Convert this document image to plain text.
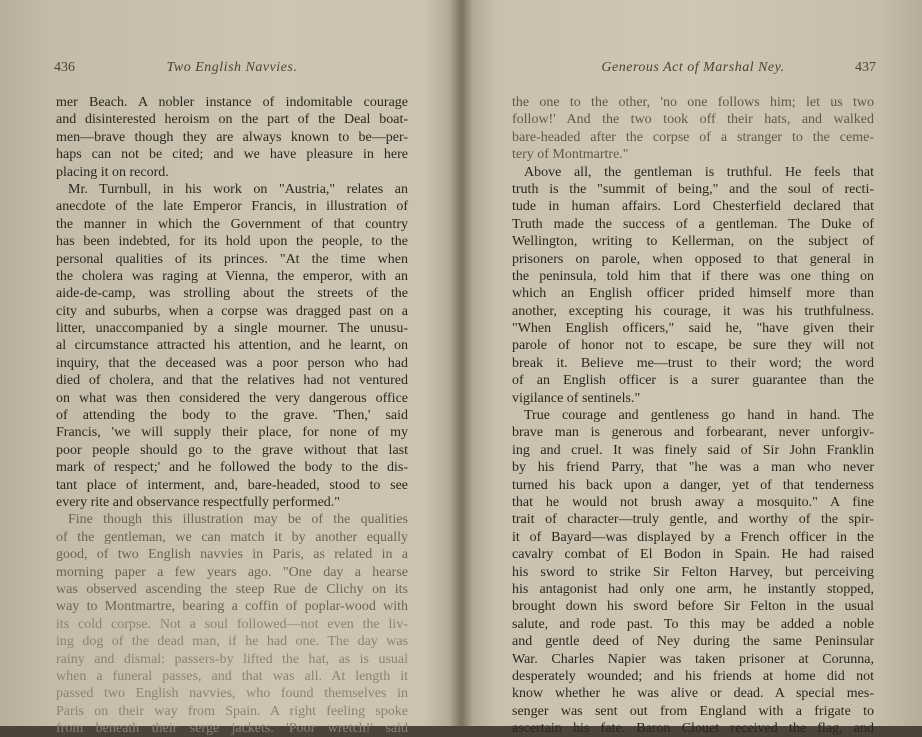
436	Two English Navvies.
mer Beach. A nobler instance of indomitable courage
and disinterested heroism on the part of the Deal boat-
men—brave though they are always known to be—per-
haps can not be cited; and we have pleasure in here
placing it on record.
Mr. Turnbull, in his work on "Austria," relates an
anecdote of the late Emperor Francis, in illustration of
the manner in which the Government of that country
has been indebted, for its hold upon the people, to the
personal qualities of its princes. "At the time when
the cholera was raging at Vienna, the emperor, with an
aide-de-camp, was strolling about the streets of the
city and suburbs, when a corpse was dragged past on a
litter, unaccompanied by a single mourner. The unusu-
al circumstance attracted his attention, and he learnt, on
inquiry, that the deceased was a poor person who had
died of cholera, and that the relatives had not ventured
on what was then considered the very dangerous office
of attending the body to the grave. 'Then,' said
Francis, 'we will supply their place, for none of my
poor people should go to the grave without that last
mark of respect;' and he followed the body to the dis-
tant place of interment, and, bare-headed, stood to see
every rite and observance respectfully performed."
Fine though this illustration may be of the qualities
of the gentleman, we can match it by another equally
good, of two English navvies in Paris, as related in a
morning paper a few years ago. "One day a hearse
was observed ascending the steep Rue de Clichy on its
way to Montmartre, bearing a coffin of poplar-wood with
its cold corpse. Not a soul followed—not even the liv-
ing dog of the dead man, if he had one. The day was
rainy and dismal: passers-by lifted the hat, as is usual
when a funeral passes, and that was all. At length it
passed two English navvies, who found themselves in
Paris on their way from Spain. A right feeling spoke
from beneath their serge jackets. 'Poor wretch!' said
Generous Act of Marshal Ney.	437
the one to the other, 'no one follows him; let us two
follow!' And the two took off their hats, and walked
bare-headed after the corpse of a stranger to the ceme-
tery of Montmartre."
Above all, the gentleman is truthful. He feels that
truth is the "summit of being," and the soul of recti-
tude in human affairs. Lord Chesterfield declared that
Truth made the success of a gentleman. The Duke of
Wellington, writing to Kellerman, on the subject of
prisoners on parole, when opposed to that general in
the peninsula, told him that if there was one thing on
which an English officer prided himself more than
another, excepting his courage, it was his truthfulness.
"When English officers," said he, "have given their
parole of honor not to escape, be sure they will not
break it. Believe me—trust to their word; the word
of an English officer is a surer guarantee than the
vigilance of sentinels."
True courage and gentleness go hand in hand. The
brave man is generous and forbearant, never unforgiv-
ing and cruel. It was finely said of Sir John Franklin
by his friend Parry, that "he was a man who never
turned his back upon a danger, yet of that tenderness
that he would not brush away a mosquito." A fine
trait of character—truly gentle, and worthy of the spir-
it of Bayard—was displayed by a French officer in the
cavalry combat of El Bodon in Spain. He had raised
his sword to strike Sir Felton Harvey, but perceiving
his antagonist had only one arm, he instantly stopped,
brought down his sword before Sir Felton in the usual
salute, and rode past. To this may be added a noble
and gentle deed of Ney during the same Peninsular
War. Charles Napier was taken prisoner at Corunna,
desperately wounded; and his friends at home did not
know whether he was alive or dead. A special mes-
senger was sent out from England with a frigate to
ascertain his fate. Baron Clouet received the flag, and
